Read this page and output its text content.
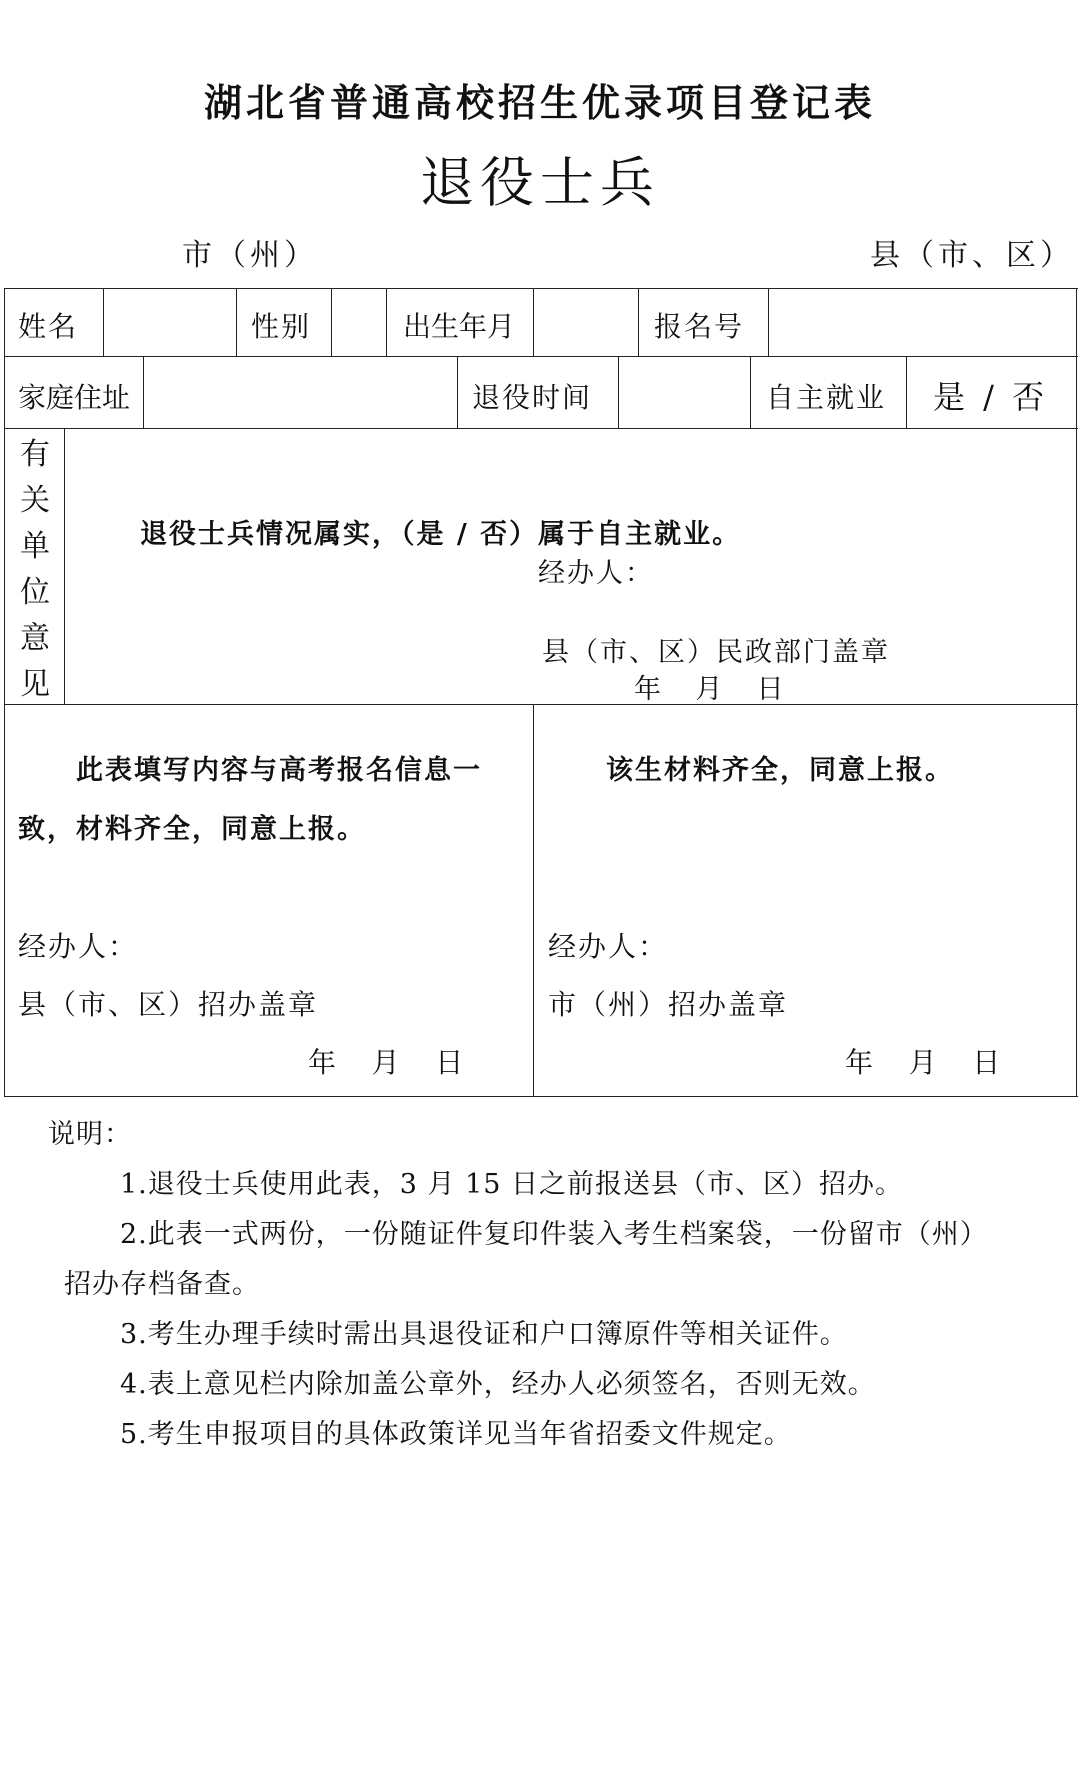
湖北省普通高校招生优录项目登记表
退役士兵
市（州）	县（市、区）
姓名	性别	出生年月	报名号
家庭住址	退役时间	自主就业 是 / 否
有
关
单
位
意
见
退役士兵情况属实，（是 / 否）属于自主就业。
经办人：
县（市、区）民政部门盖章
年    月    日
此表填写内容与高考报名信息一
致，材料齐全，同意上报。
经办人：
县（市、区）招办盖章
年    月    日
该生材料齐全，同意上报。
经办人：
市（州）招办盖章
年    月    日
说明：
1.退役士兵使用此表，3 月 15 日之前报送县（市、区）招办。
2.此表一式两份，一份随证件复印件装入考生档案袋，一份留市（州）
招办存档备查。
3.考生办理手续时需出具退役证和户口簿原件等相关证件。
4.表上意见栏内除加盖公章外，经办人必须签名，否则无效。
5.考生申报项目的具体政策详见当年省招委文件规定。
